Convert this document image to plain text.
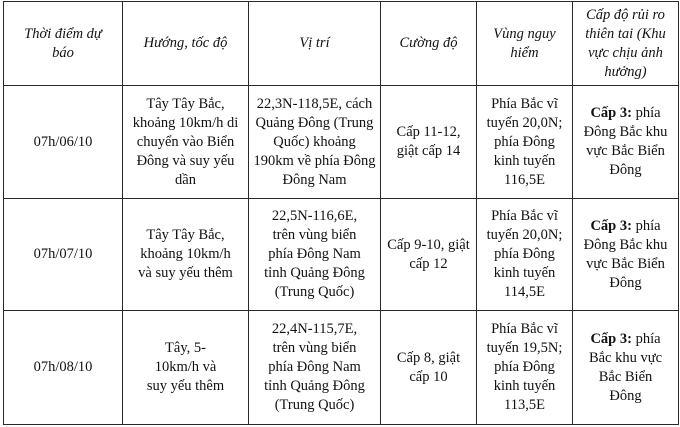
Thời điểm dự báo	Hướng, tốc độ	Vị trí	Cường độ	Vùng nguy hiểm	Cấp độ rủi ro thiên tai (Khu vực chịu ảnh hưởng)
07h/06/10	Tây Tây Bắc, khoảng 10km/h di chuyển vào Biển Đông và suy yếu dần	22,3N-118,5E, cách Quảng Đông (Trung Quốc) khoảng 190km về phía Đông Đông Nam	Cấp 11-12, giật cấp 14	Phía Bắc vĩ tuyến 20,0N; phía Đông kinh tuyến 116,5E	Cấp 3: phía Đông Bắc khu vực Bắc Biển Đông
07h/07/10	Tây Tây Bắc, khoảng 10km/h và suy yếu thêm	22,5N-116,6E, trên vùng biển phía Đông Nam tỉnh Quảng Đông (Trung Quốc)	Cấp 9-10, giật cấp 12	Phía Bắc vĩ tuyến 20,0N; phía Đông kinh tuyến 114,5E	Cấp 3: phía Đông Bắc khu vực Bắc Biển Đông
07h/08/10	Tây, 5-10km/h và suy yếu thêm	22,4N-115,7E, trên vùng biển phía Đông Nam tỉnh Quảng Đông (Trung Quốc)	Cấp 8, giật cấp 10	Phía Bắc vĩ tuyến 19,5N; phía Đông kinh tuyến 113,5E	Cấp 3: phía Bắc khu vực Bắc Biển Đông
